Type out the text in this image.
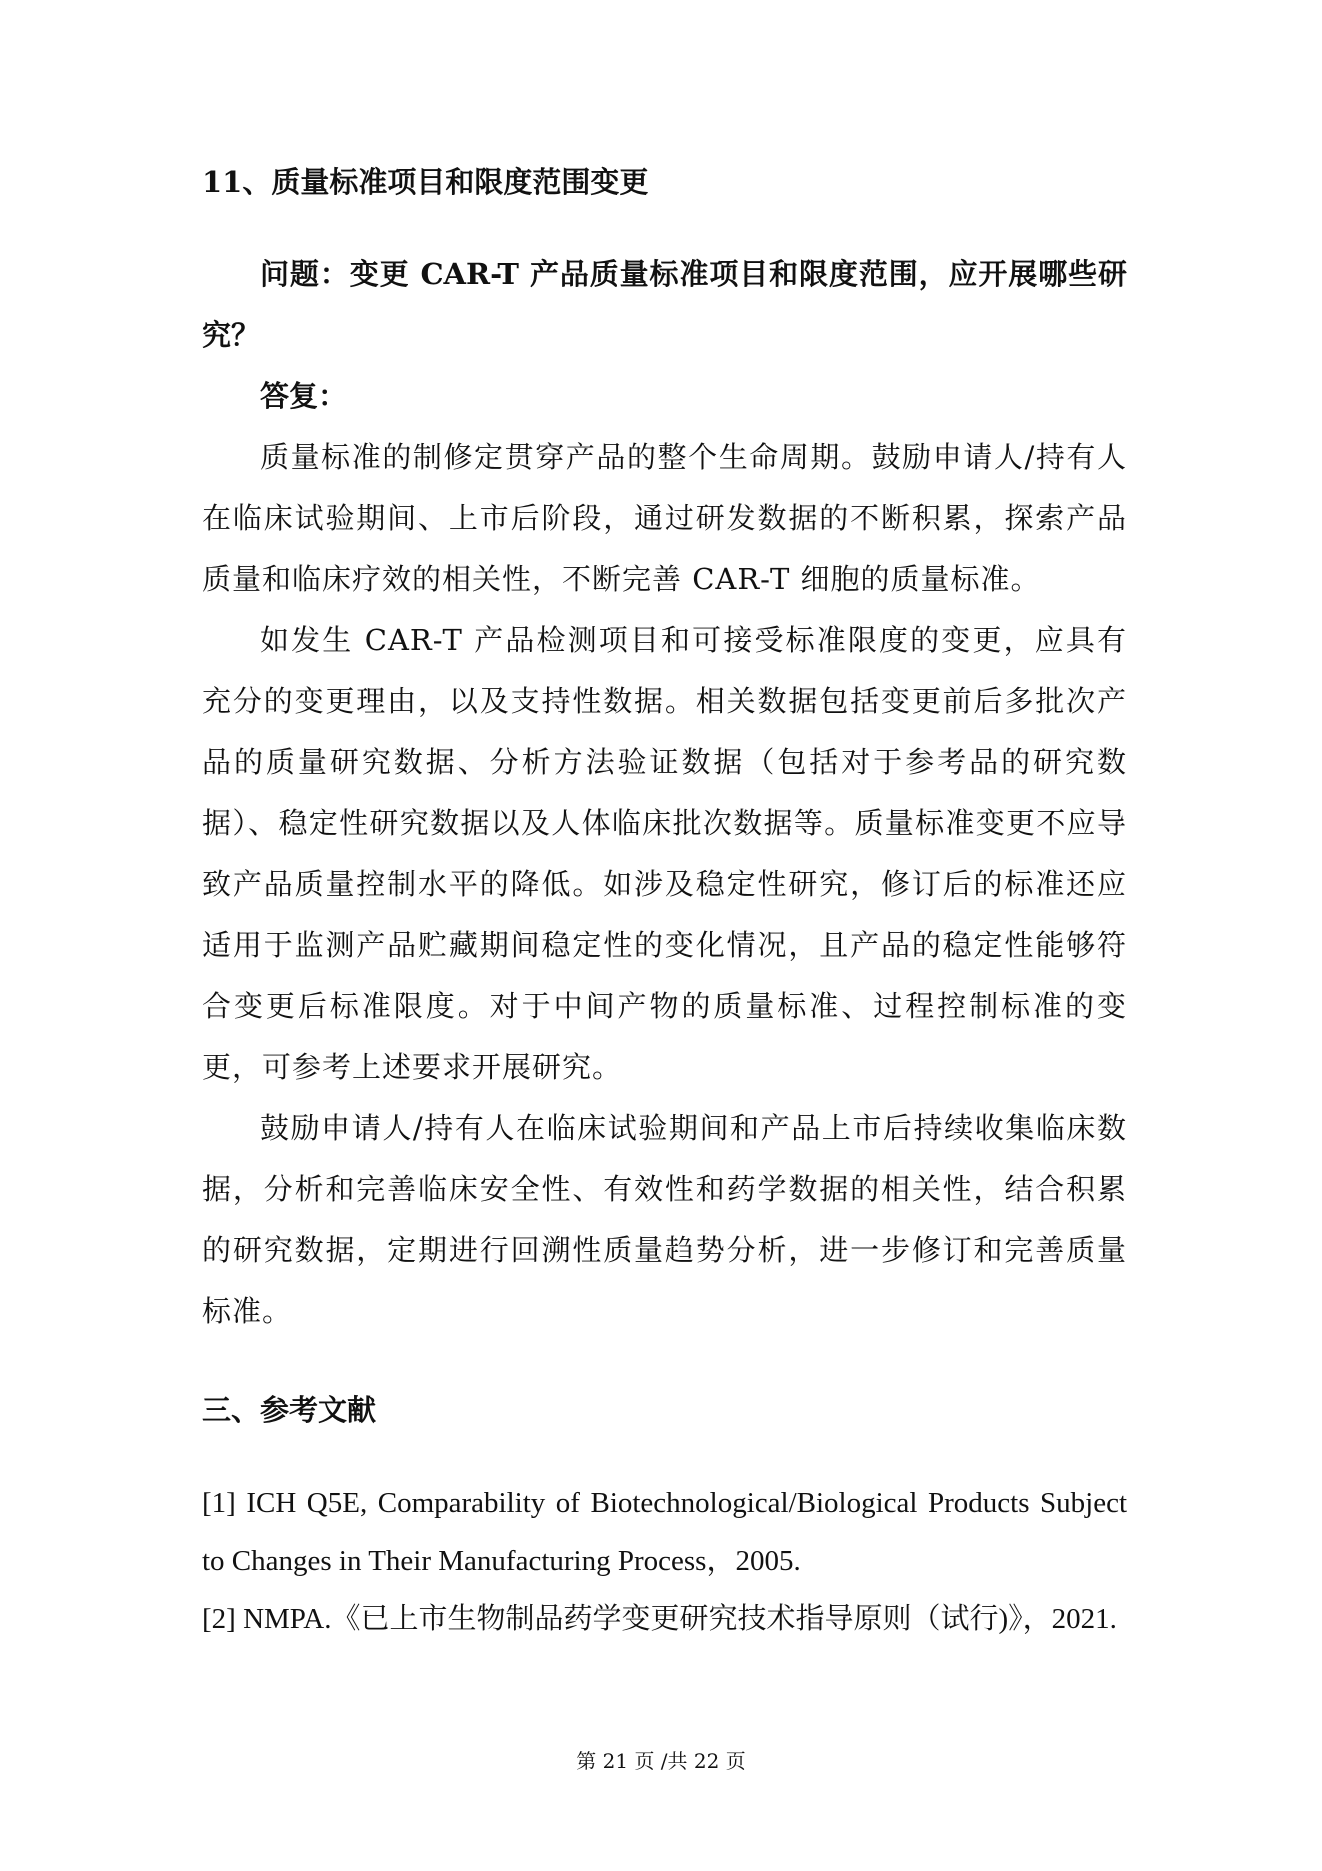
11、质量标准项目和限度范围变更

问题：变更 CAR-T 产品质量标准项目和限度范围，应开展哪些研究？

答复：

质量标准的制修定贯穿产品的整个生命周期。鼓励申请人/持有人在临床试验期间、上市后阶段，通过研发数据的不断积累，探索产品质量和临床疗效的相关性，不断完善 CAR-T 细胞的质量标准。

如发生 CAR-T 产品检测项目和可接受标准限度的变更，应具有充分的变更理由，以及支持性数据。相关数据包括变更前后多批次产品的质量研究数据、分析方法验证数据（包括对于参考品的研究数据）、稳定性研究数据以及人体临床批次数据等。质量标准变更不应导致产品质量控制水平的降低。如涉及稳定性研究，修订后的标准还应适用于监测产品贮藏期间稳定性的变化情况，且产品的稳定性能够符合变更后标准限度。对于中间产物的质量标准、过程控制标准的变更，可参考上述要求开展研究。

鼓励申请人/持有人在临床试验期间和产品上市后持续收集临床数据，分析和完善临床安全性、有效性和药学数据的相关性，结合积累的研究数据，定期进行回溯性质量趋势分析，进一步修订和完善质量标准。

三、参考文献

[1] ICH Q5E, Comparability of Biotechnological/Biological Products Subject to Changes in Their Manufacturing Process，2005.

[2] NMPA.《已上市生物制品药学变更研究技术指导原则（试行)》，2021.

第 21 页 /共 22 页
